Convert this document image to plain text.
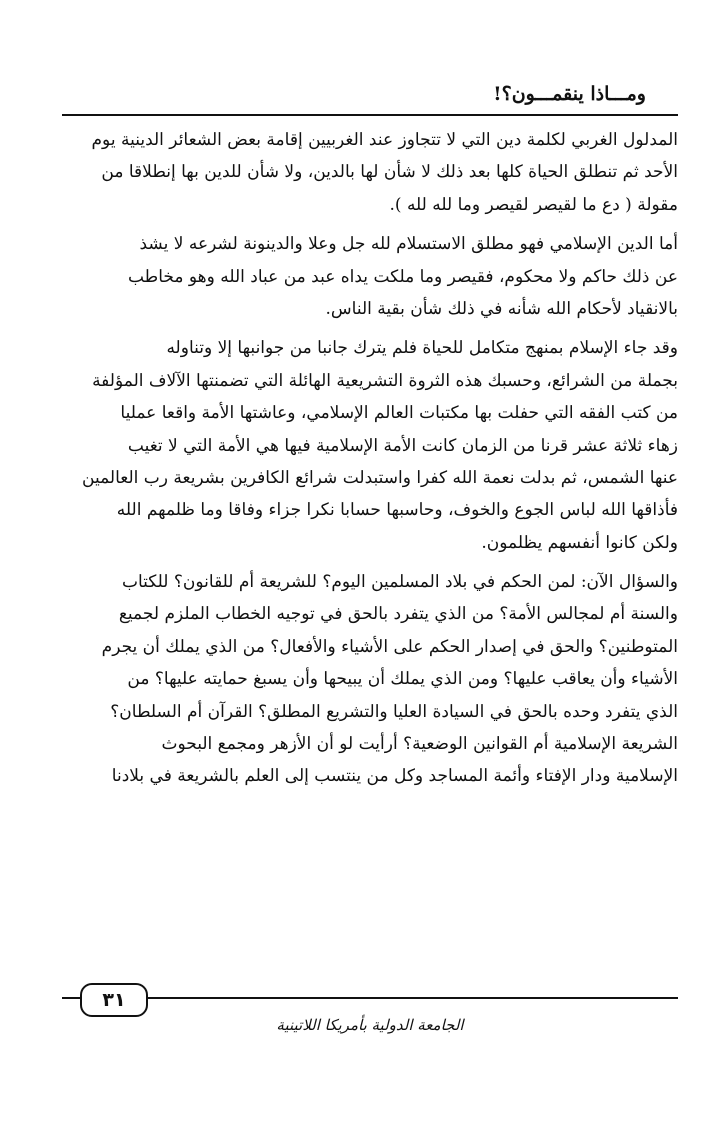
ومـــاذا ينقمـــون؟!
المدلول الغربي لكلمة دين التي لا تتجاوز عند الغربيين إقامة بعض الشعائر الدينية يوم
الأحد ثم تنطلق الحياة كلها بعد ذلك لا شأن لها بالدين، ولا شأن للدين بها إنطلاقا من
مقولة ( دع ما لقيصر لقيصر وما لله لله ).
أما الدين الإسلامي فهو مطلق الاستسلام لله جل وعلا والدينونة لشرعه لا يشذ
عن ذلك حاكم ولا محكوم، فقيصر وما ملكت يداه عبد من عباد الله وهو مخاطب
بالانقياد لأحكام الله شأنه في ذلك شأن بقية الناس.
وقد جاء الإسلام بمنهج متكامل للحياة فلم يترك جانبا من جوانبها إلا وتناوله
بجملة من الشرائع، وحسبك هذه الثروة التشريعية الهائلة التي تضمنتها الآلاف المؤلفة
من كتب الفقه التي حفلت بها مكتبات العالم الإسلامي، وعاشتها الأمة واقعا عمليا
زهاء ثلاثة عشر قرنا من الزمان كانت الأمة الإسلامية فيها هي الأمة التي لا تغيب
عنها الشمس، ثم بدلت نعمة الله كفرا واستبدلت شرائع الكافرين بشريعة رب العالمين
فأذاقها الله لباس الجوع والخوف، وحاسبها حسابا نكرا جزاء وفاقا وما ظلمهم الله
ولكن كانوا أنفسهم يظلمون.
والسؤال الآن: لمن الحكم في بلاد المسلمين اليوم؟ للشريعة أم للقانون؟ للكتاب
والسنة أم لمجالس الأمة؟ من الذي يتفرد بالحق في توجيه الخطاب الملزم لجميع
المتوطنين؟ والحق في إصدار الحكم على الأشياء والأفعال؟ من الذي يملك أن يجرم
الأشياء وأن يعاقب عليها؟ ومن الذي يملك أن يبيحها وأن يسبغ حمايته عليها؟ من
الذي يتفرد وحده بالحق في السيادة العليا والتشريع المطلق؟ القرآن أم السلطان؟
الشريعة الإسلامية أم القوانين الوضعية؟ أرأيت لو أن الأزهر ومجمع البحوث
الإسلامية ودار الإفتاء وأئمة المساجد وكل من ينتسب إلى العلم بالشريعة في بلادنا
٣١
الجامعة الدولية بأمريكا اللاتينية
